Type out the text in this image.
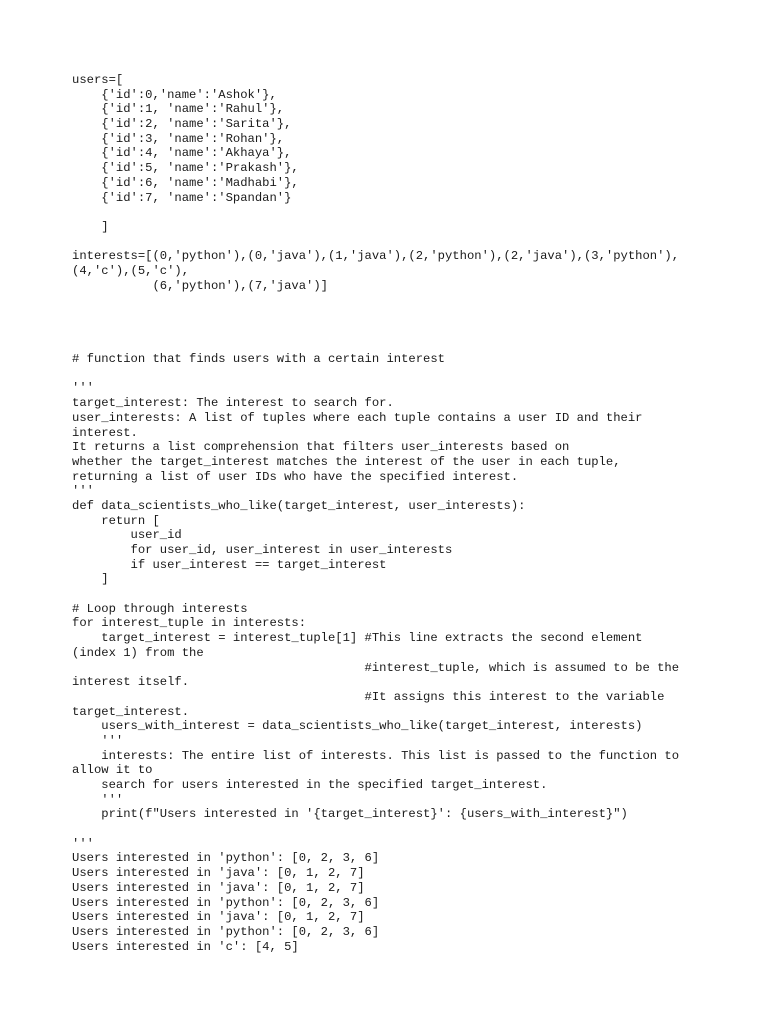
users=[
{'id':0,'name':'Ashok'},
{'id':1, 'name':'Rahul'},
{'id':2, 'name':'Sarita'},
{'id':3, 'name':'Rohan'},
{'id':4, 'name':'Akhaya'},
{'id':5, 'name':'Prakash'},
{'id':6, 'name':'Madhabi'},
{'id':7, 'name':'Spandan'}
]
interests=[(0,'python'),(0,'java'),(1,'java'),(2,'python'),(2,'java'),(3,'python'),
(4,'c'),(5,'c'),
(6,'python'),(7,'java')]
# function that finds users with a certain interest
'''
target_interest: The interest to search for.
user_interests: A list of tuples where each tuple contains a user ID and their
interest.
It returns a list comprehension that filters user_interests based on
whether the target_interest matches the interest of the user in each tuple,
returning a list of user IDs who have the specified interest.
'''
def data_scientists_who_like(target_interest, user_interests):
return [
user_id
for user_id, user_interest in user_interests
if user_interest == target_interest
]
# Loop through interests
for interest_tuple in interests:
target_interest = interest_tuple[1] #This line extracts the second element
(index 1) from the
#interest_tuple, which is assumed to be the
interest itself.
#It assigns this interest to the variable
target_interest.
users_with_interest = data_scientists_who_like(target_interest, interests)
'''
interests: The entire list of interests. This list is passed to the function to
allow it to
search for users interested in the specified target_interest.
'''
print(f"Users interested in '{target_interest}': {users_with_interest}")
'''
Users interested in 'python': [0, 2, 3, 6]
Users interested in 'java': [0, 1, 2, 7]
Users interested in 'java': [0, 1, 2, 7]
Users interested in 'python': [0, 2, 3, 6]
Users interested in 'java': [0, 1, 2, 7]
Users interested in 'python': [0, 2, 3, 6]
Users interested in 'c': [4, 5]
